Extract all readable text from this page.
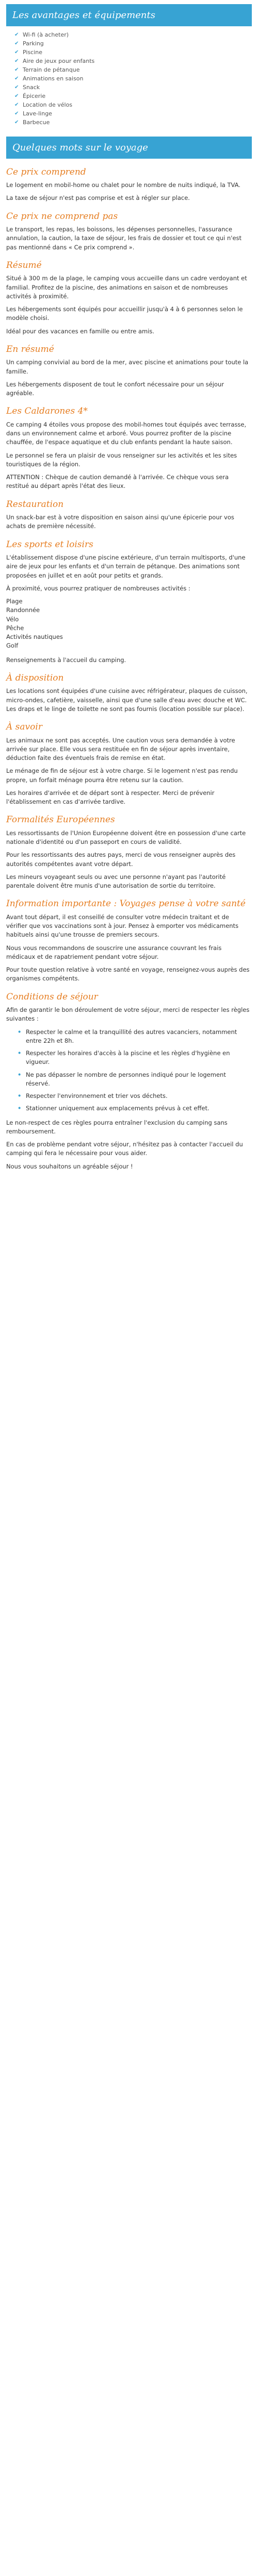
Les avantages et équipements
✔ Wi-fi (à acheter)
✔ Parking
✔ Piscine
✔ Aire de jeux pour enfants
✔ Terrain de pétanque
✔ Animations en saison
✔ Snack
✔ Épicerie
✔ Location de vélos
✔ Lave-linge
✔ Barbecue
Quelques mots sur le voyage
Ce prix comprend

Le logement en mobil-home ou chalet pour le nombre de nuits indiqué, la TVA.

La taxe de séjour n'est pas comprise et est à régler sur place.

Ce prix ne comprend pas

Le transport, les repas, les boissons, les dépenses personnelles, l'assurance annulation, la caution, la taxe de séjour, les frais de dossier et tout ce qui n'est pas mentionné dans « Ce prix comprend ».

Résumé

Situé à 300 m de la plage, le camping vous accueille dans un cadre verdoyant et familial. Profitez de la piscine, des animations en saison et de nombreuses activités à proximité.

Les hébergements sont équipés pour accueillir jusqu'à 4 à 6 personnes selon le modèle choisi.

Idéal pour des vacances en famille ou entre amis.

En résumé

Un camping convivial au bord de la mer, avec piscine et animations pour toute la famille.

Les hébergements disposent de tout le confort nécessaire pour un séjour agréable.

Les Caldarones 4*

Ce camping 4 étoiles vous propose des mobil-homes tout équipés avec terrasse, dans un environnement calme et arboré. Vous pourrez profiter de la piscine chauffée, de l'espace aquatique et du club enfants pendant la haute saison.

Le personnel se fera un plaisir de vous renseigner sur les activités et les sites touristiques de la région.

ATTENTION : Chèque de caution demandé à l'arrivée. Ce chèque vous sera restitué au départ après l'état des lieux.

Restauration

Un snack-bar est à votre disposition en saison ainsi qu'une épicerie pour vos achats de première nécessité.

Les sports et loisirs

L'établissement dispose d'une piscine extérieure, d'un terrain multisports, d'une aire de jeux pour les enfants et d'un terrain de pétanque. Des animations sont proposées en juillet et en août pour petits et grands.

À proximité, vous pourrez pratiquer de nombreuses activités :

Plage
Randonnée
Vélo
Pêche
Activités nautiques
Golf

Renseignements à l'accueil du camping.

À disposition

Les locations sont équipées d'une cuisine avec réfrigérateur, plaques de cuisson, micro-ondes, cafetière, vaisselle, ainsi que d'une salle d'eau avec douche et WC. Les draps et le linge de toilette ne sont pas fournis (location possible sur place).

À savoir

Les animaux ne sont pas acceptés. Une caution vous sera demandée à votre arrivée sur place. Elle vous sera restituée en fin de séjour après inventaire, déduction faite des éventuels frais de remise en état.

Le ménage de fin de séjour est à votre charge. Si le logement n'est pas rendu propre, un forfait ménage pourra être retenu sur la caution.

Les horaires d'arrivée et de départ sont à respecter. Merci de prévenir l'établissement en cas d'arrivée tardive.

Formalités Européennes

Les ressortissants de l'Union Européenne doivent être en possession d'une carte nationale d'identité ou d'un passeport en cours de validité.

Pour les ressortissants des autres pays, merci de vous renseigner auprès des autorités compétentes avant votre départ.

Les mineurs voyageant seuls ou avec une personne n'ayant pas l'autorité parentale doivent être munis d'une autorisation de sortie du territoire.

Information importante : Voyages pense à votre santé

Avant tout départ, il est conseillé de consulter votre médecin traitant et de vérifier que vos vaccinations sont à jour. Pensez à emporter vos médicaments habituels ainsi qu'une trousse de premiers secours.

Nous vous recommandons de souscrire une assurance couvrant les frais médicaux et de rapatriement pendant votre séjour.

Pour toute question relative à votre santé en voyage, renseignez-vous auprès des organismes compétents.

Conditions de séjour

Afin de garantir le bon déroulement de votre séjour, merci de respecter les règles suivantes :

• Respecter le calme et la tranquillité des autres vacanciers, notamment entre 22h et 8h.
• Respecter les horaires d'accès à la piscine et les règles d'hygiène en vigueur.
• Ne pas dépasser le nombre de personnes indiqué pour le logement réservé.
• Respecter l'environnement et trier vos déchets.
• Stationner uniquement aux emplacements prévus à cet effet.

Le non-respect de ces règles pourra entraîner l'exclusion du camping sans remboursement.

En cas de problème pendant votre séjour, n'hésitez pas à contacter l'accueil du camping qui fera le nécessaire pour vous aider.

Nous vous souhaitons un agréable séjour !
